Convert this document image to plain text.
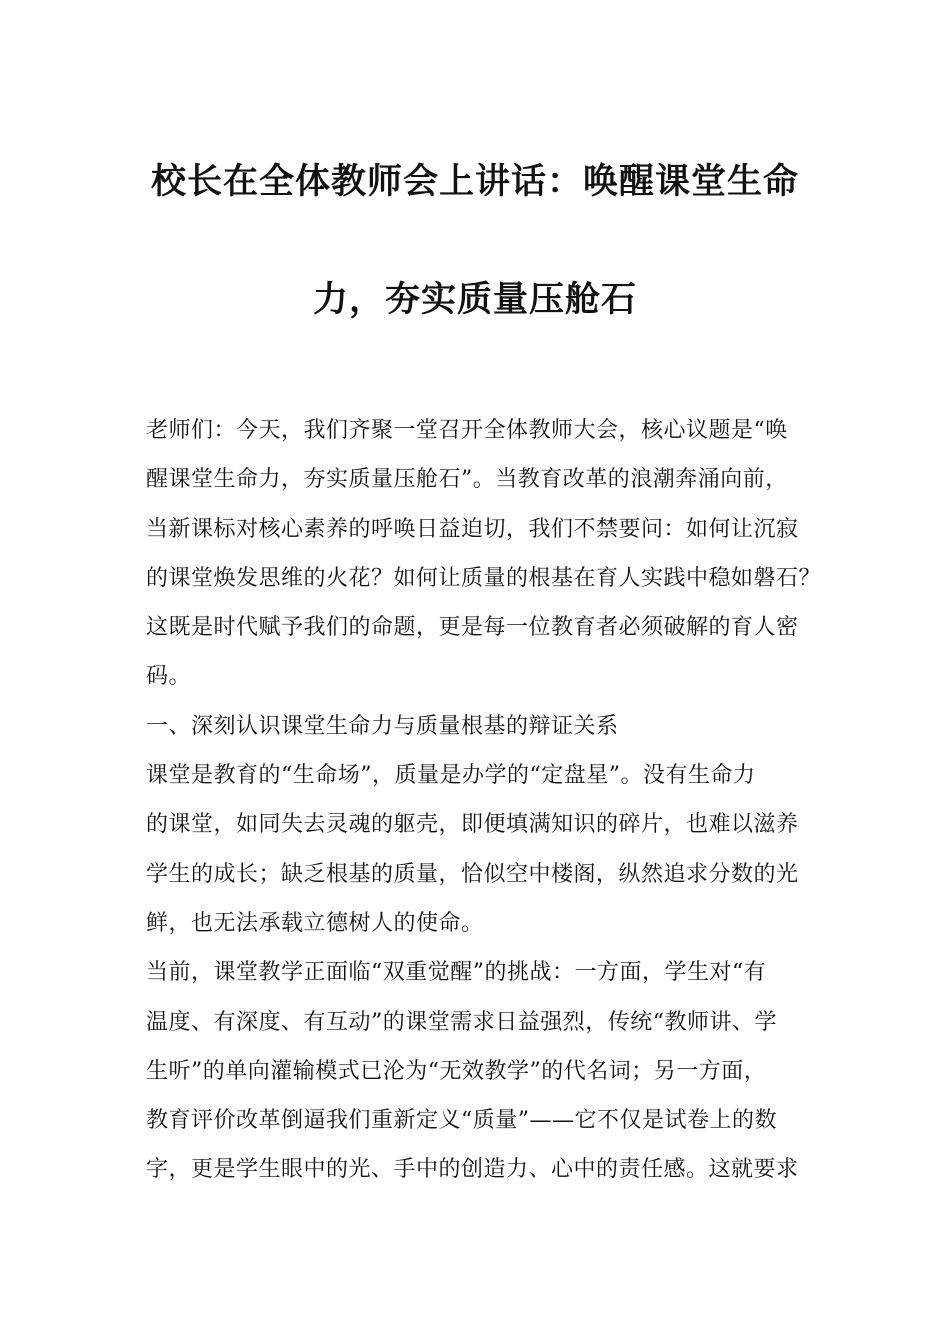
校长在全体教师会上讲话：唤醒课堂生命
力，夯实质量压舱石
老师们：今天，我们齐聚一堂召开全体教师大会，核心议题是“唤
醒课堂生命力，夯实质量压舱石”。当教育改革的浪潮奔涌向前，
当新课标对核心素养的呼唤日益迫切，我们不禁要问：如何让沉寂
的课堂焕发思维的火花？如何让质量的根基在育人实践中稳如磐石？
这既是时代赋予我们的命题，更是每一位教育者必须破解的育人密
码。
一、深刻认识课堂生命力与质量根基的辩证关系
课堂是教育的“生命场”，质量是办学的“定盘星”。没有生命力
的课堂，如同失去灵魂的躯壳，即便填满知识的碎片，也难以滋养
学生的成长；缺乏根基的质量，恰似空中楼阁，纵然追求分数的光
鲜，也无法承载立德树人的使命。
当前，课堂教学正面临“双重觉醒”的挑战：一方面，学生对“有
温度、有深度、有互动”的课堂需求日益强烈，传统“教师讲、学
生听”的单向灌输模式已沦为“无效教学”的代名词；另一方面，
教育评价改革倒逼我们重新定义“质量”——它不仅是试卷上的数
字，更是学生眼中的光、手中的创造力、心中的责任感。这就要求
